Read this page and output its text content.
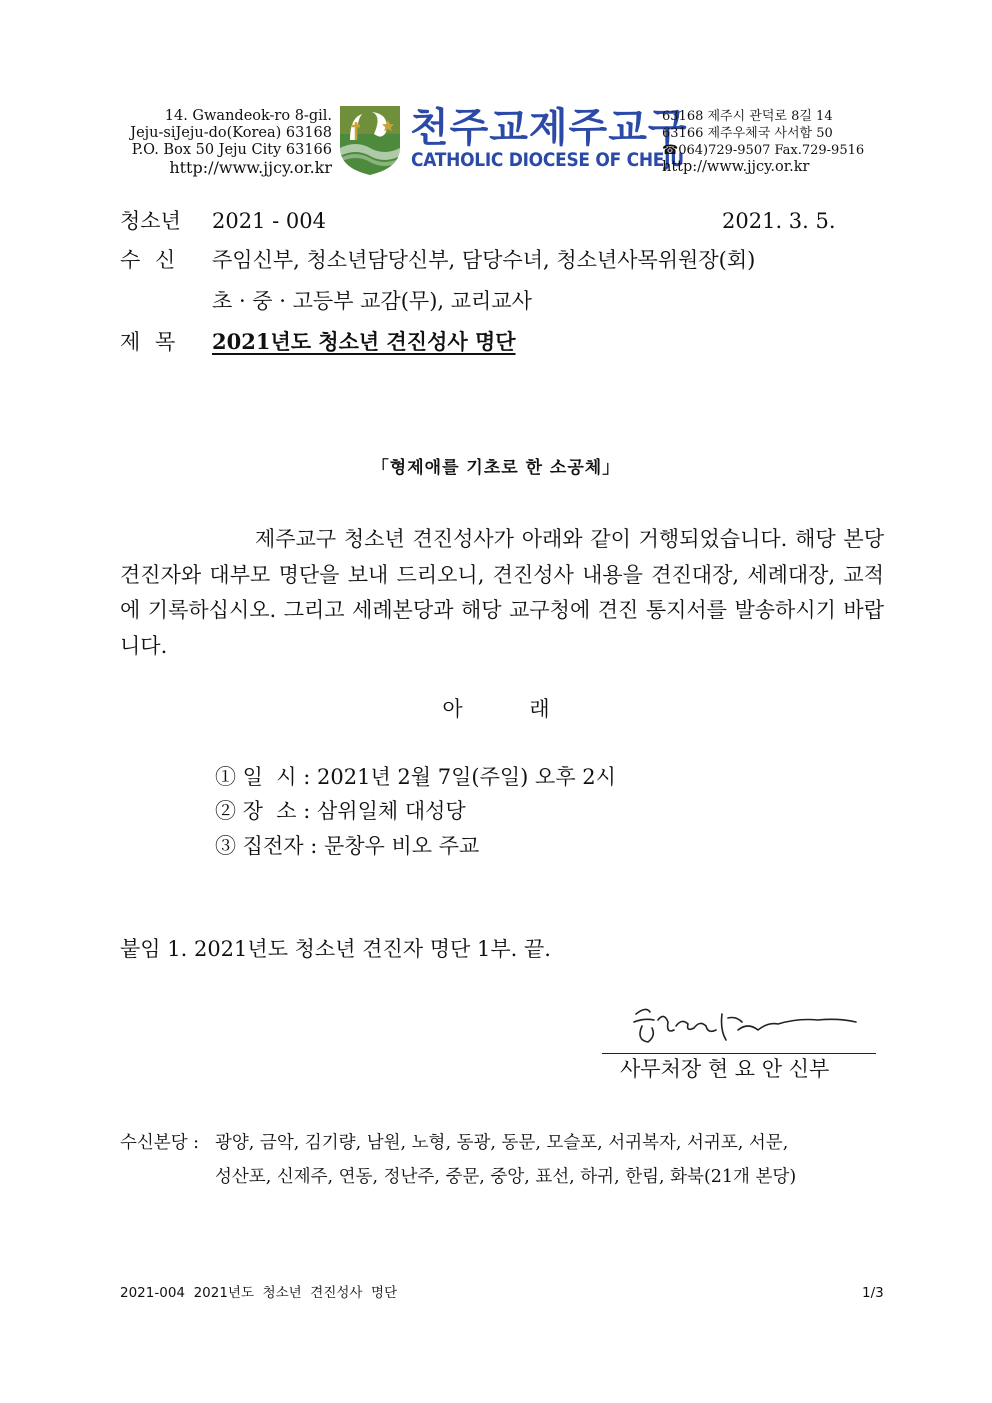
14. Gwandeok-ro 8-gil.
Jeju-siJeju-do(Korea) 63168
P.O. Box 50 Jeju City 63166
http://www.jjcy.or.kr
천주교제주교구
CATHOLIC DIOCESE OF CHEJU
63168 제주시 관덕로 8길 14
63166 제주우체국 사서함 50
☎064)729-9507 Fax.729-9516
http://www.jjcy.or.kr
청소년 2021 - 004	2021. 3. 5.
수 신 주임신부, 청소년담당신부, 담당수녀, 청소년사목위원장(회)
초 · 중 · 고등부 교감(무), 교리교사
제 목 2021년도 청소년 견진성사 명단
「형제애를 기초로 한 소공체」
제주교구 청소년 견진성사가 아래와 같이 거행되었습니다. 해당 본당 견진자와 대부모 명단을 보내 드리오니, 견진성사 내용을 견진대장, 세례대장, 교적에 기록하십시오. 그리고 세례본당과 해당 교구청에 견진 통지서를 발송하시기 바랍니다.
아          래
① 일  시 : 2021년 2월 7일(주일) 오후 2시
② 장  소 : 삼위일체 대성당
③ 집전자 : 문창우 비오 주교
붙임 1. 2021년도 청소년 견진자 명단 1부. 끝.
사무처장 현 요 안 신부
수신본당 : 광양, 금악, 김기량, 남원, 노형, 동광, 동문, 모슬포, 서귀복자, 서귀포, 서문,
성산포, 신제주, 연동, 정난주, 중문, 중앙, 표선, 하귀, 한림, 화북(21개 본당)
2021-004  2021년도  청소년  견진성사  명단	1/3
